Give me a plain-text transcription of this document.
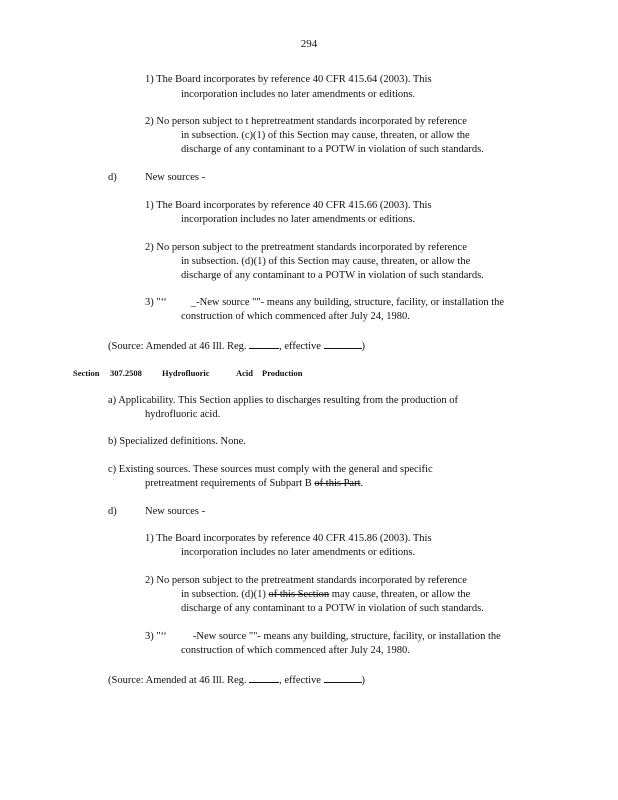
294
1) The Board incorporates by reference 40 CFR 415.64 (2003). This
incorporation includes no later amendments or editions.
2) No person subject to t hepretreatment standards incorporated by reference
in subsection. (c)(1) of this Section may cause, threaten, or allow the
discharge of any contaminant to a POTW in violation of such standards.
d)	New sources -
1) The Board incorporates by reference 40 CFR 415.66 (2003). This
incorporation includes no later amendments or editions.
2) No person subject to the pretreatment standards incorporated by reference
in subsection. (d)(1) of this Section may cause, threaten, or allow the
discharge of any contaminant to a POTW in violation of such standards.
3) "‘‘ _-New source ""- means any building, structure, facility, or installation the
construction of which commenced after July 24, 1980.
(Source: Amended at 46 Ill. Reg.	, effective	)
Section 307.2508 Hydrofluoric	Acid Production
a) Applicability. This Section applies to discharges resulting from the production of
hydrofluoric acid.
b) Specialized definitions. None.
c) Existing sources. These sources must comply with the general and specific
pretreatment requirements of Subpart B of this Part.
d)	New sources -
1) The Board incorporates by reference 40 CFR 415.86 (2003). This
incorporation includes no later amendments or editions.
2) No person subject to the pretreatment standards incorporated by reference
in subsection. (d)(1) of this Section may cause, threaten, or allow the
discharge of any contaminant to a POTW in violation of such standards.
3) "‘‘ -New source ""- means any building, structure, facility, or installation the
construction of which commenced after July 24, 1980.
(Source: Amended at 46 Ill. Reg.	, effective	)
